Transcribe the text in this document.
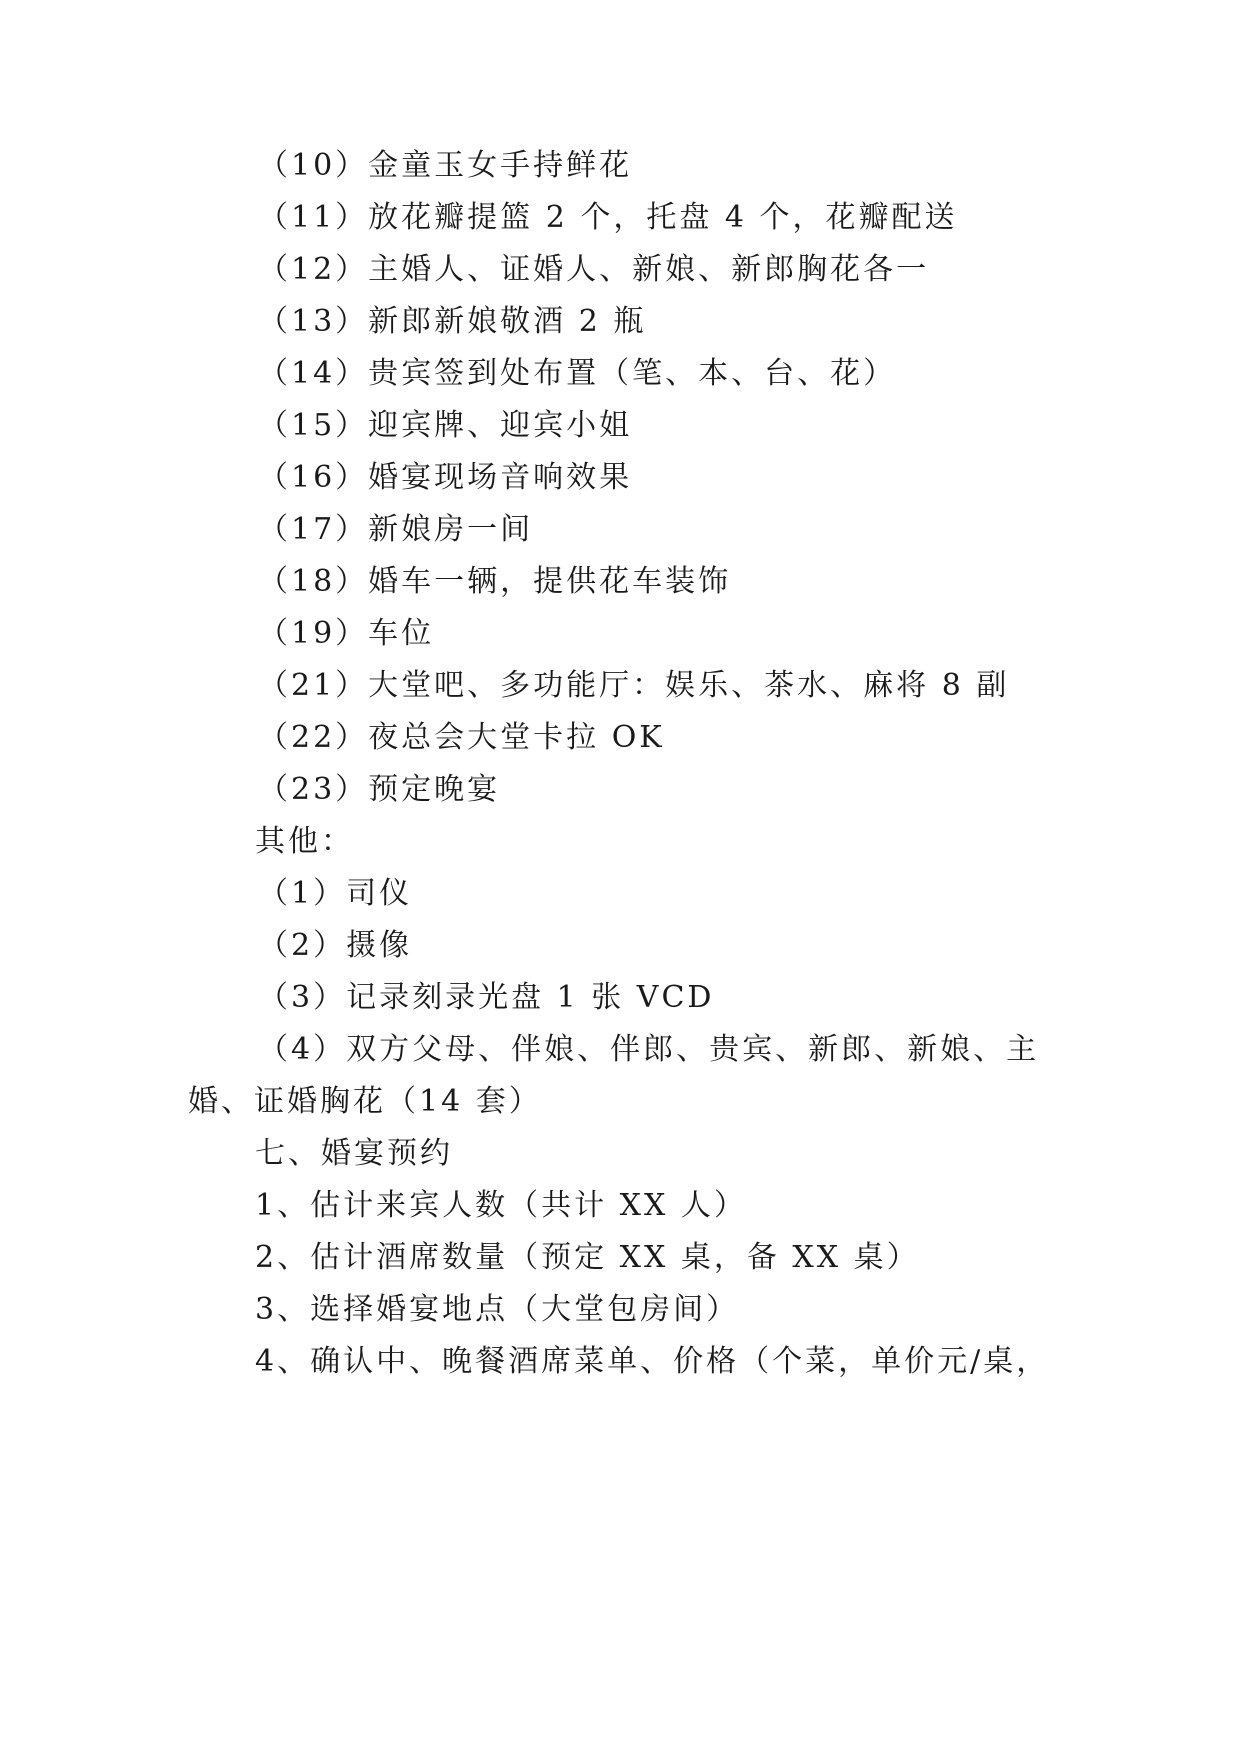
（10）金童玉女手持鲜花
（11）放花瓣提篮 2 个，托盘 4 个，花瓣配送
（12）主婚人、证婚人、新娘、新郎胸花各一
（13）新郎新娘敬酒 2 瓶
（14）贵宾签到处布置（笔、本、台、花）
（15）迎宾牌、迎宾小姐
（16）婚宴现场音响效果
（17）新娘房一间
（18）婚车一辆，提供花车装饰
（19）车位
（21）大堂吧、多功能厅：娱乐、茶水、麻将 8 副
（22）夜总会大堂卡拉 OK
（23）预定晚宴
其他：
（1）司仪
（2）摄像
（3）记录刻录光盘 1 张 VCD
（4）双方父母、伴娘、伴郎、贵宾、新郎、新娘、主
婚、证婚胸花（14 套）
七、婚宴预约
1、估计来宾人数（共计 XX 人）
2、估计酒席数量（预定 XX 桌，备 XX 桌）
3、选择婚宴地点（大堂包房间）
4、确认中、晚餐酒席菜单、价格（个菜，单价元/桌，
